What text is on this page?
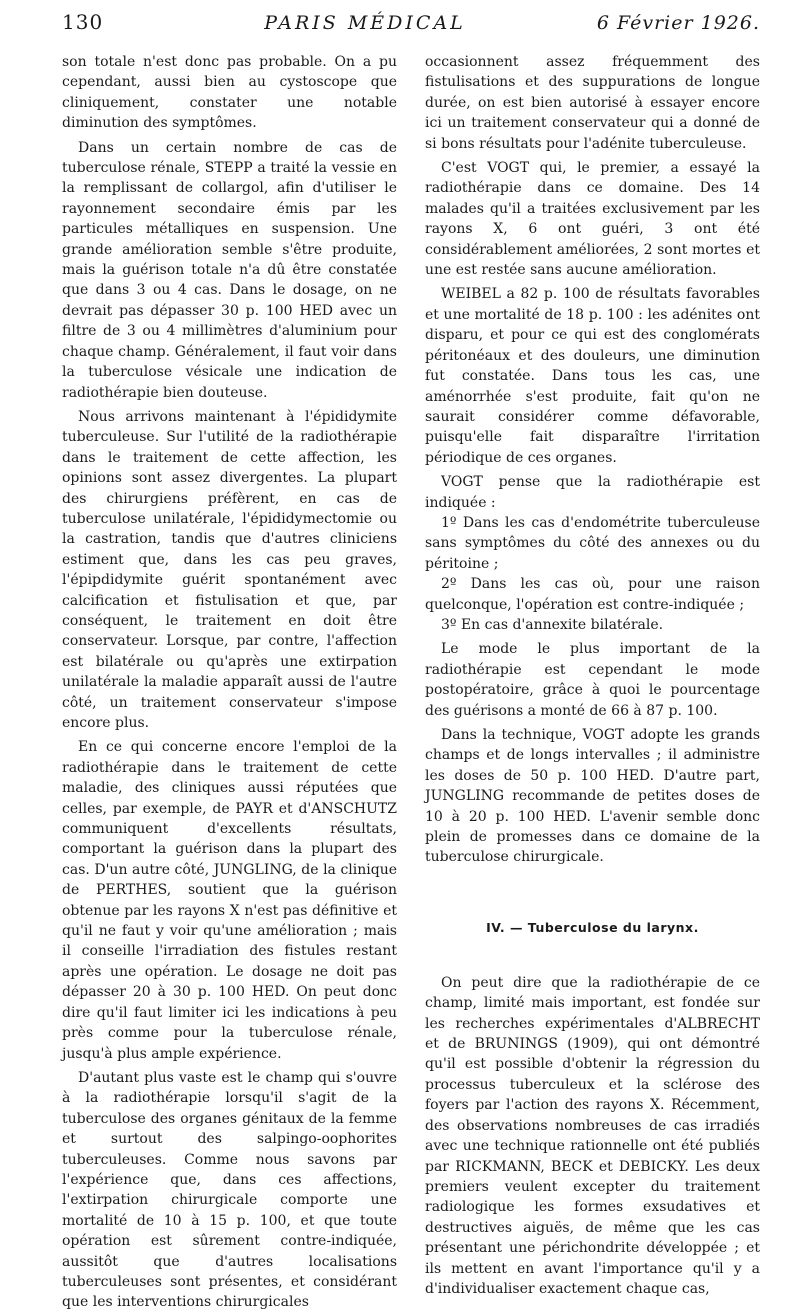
130	PARIS MÉDICAL	6 Février 1926.

son totale n'est donc pas probable. On a pu cependant, aussi bien au cystoscope que cliniquement, constater une notable diminution des symptômes.

Dans un certain nombre de cas de tuberculose rénale, STEPP a traité la vessie en la remplissant de collargol, afin d'utiliser le rayonnement secondaire émis par les particules métalliques en suspension. Une grande amélioration semble s'être produite, mais la guérison totale n'a dû être constatée que dans 3 ou 4 cas. Dans le dosage, on ne devrait pas dépasser 30 p. 100 HED avec un filtre de 3 ou 4 millimètres d'aluminium pour chaque champ. Généralement, il faut voir dans la tuberculose vésicale une indication de radiothérapie bien douteuse.

Nous arrivons maintenant à l'épididymite tuberculeuse. Sur l'utilité de la radiothérapie dans le traitement de cette affection, les opinions sont assez divergentes. La plupart des chirurgiens préfèrent, en cas de tuberculose unilatérale, l'épididymectomie ou la castration, tandis que d'autres cliniciens estiment que, dans les cas peu graves, l'épipdidymite guérit spontanément avec calcification et fistulisation et que, par conséquent, le traitement en doit être conservateur. Lorsque, par contre, l'affection est bilatérale ou qu'après une extirpation unilatérale la maladie apparaît aussi de l'autre côté, un traitement conservateur s'impose encore plus.

En ce qui concerne encore l'emploi de la radiothérapie dans le traitement de cette maladie, des cliniques aussi réputées que celles, par exemple, de PAYR et d'ANSCHUTZ communiquent d'excellents résultats, comportant la guérison dans la plupart des cas. D'un autre côté, JUNGLING, de la clinique de PERTHES, soutient que la guérison obtenue par les rayons X n'est pas définitive et qu'il ne faut y voir qu'une amélioration ; mais il conseille l'irradiation des fistules restant après une opération. Le dosage ne doit pas dépasser 20 à 30 p. 100 HED. On peut donc dire qu'il faut limiter ici les indications à peu près comme pour la tuberculose rénale, jusqu'à plus ample expérience.

D'autant plus vaste est le champ qui s'ouvre à la radiothérapie lorsqu'il s'agit de la tuberculose des organes génitaux de la femme et surtout des salpingo-oophorites tuberculeuses. Comme nous savons par l'expérience que, dans ces affections, l'extirpation chirurgicale comporte une mortalité de 10 à 15 p. 100, et que toute opération est sûrement contre-indiquée, aussitôt que d'autres localisations tuberculeuses sont présentes, et considérant que les interventions chirurgicales

occasionnent assez fréquemment des fistulisations et des suppurations de longue durée, on est bien autorisé à essayer encore ici un traitement conservateur qui a donné de si bons résultats pour l'adénite tuberculeuse.

C'est VOGT qui, le premier, a essayé la radiothérapie dans ce domaine. Des 14 malades qu'il a traitées exclusivement par les rayons X, 6 ont guéri, 3 ont été considérablement améliorées, 2 sont mortes et une est restée sans aucune amélioration.

WEIBEL a 82 p. 100 de résultats favorables et une mortalité de 18 p. 100 : les adénites ont disparu, et pour ce qui est des conglomérats péritonéaux et des douleurs, une diminution fut constatée. Dans tous les cas, une aménorrhée s'est produite, fait qu'on ne saurait considérer comme défavorable, puisqu'elle fait disparaître l'irritation périodique de ces organes.

VOGT pense que la radiothérapie est indiquée :

1º Dans les cas d'endométrite tuberculeuse sans symptômes du côté des annexes ou du péritoine ;

2º Dans les cas où, pour une raison quelconque, l'opération est contre-indiquée ;

3º En cas d'annexite bilatérale.

Le mode le plus important de la radiothérapie est cependant le mode postopératoire, grâce à quoi le pourcentage des guérisons a monté de 66 à 87 p. 100.

Dans la technique, VOGT adopte les grands champs et de longs intervalles ; il administre les doses de 50 p. 100 HED. D'autre part, JUNGLING recommande de petites doses de 10 à 20 p. 100 HED. L'avenir semble donc plein de promesses dans ce domaine de la tuberculose chirurgicale.

IV. — Tuberculose du larynx.

On peut dire que la radiothérapie de ce champ, limité mais important, est fondée sur les recherches expérimentales d'ALBRECHT et de BRUNINGS (1909), qui ont démontré qu'il est possible d'obtenir la régression du processus tuberculeux et la sclérose des foyers par l'action des rayons X. Récemment, des observations nombreuses de cas irradiés avec une technique rationnelle ont été publiés par RICKMANN, BECK et DEBICKY. Les deux premiers veulent excepter du traitement radiologique les formes exsudatives et destructives aiguës, de même que les cas présentant une périchondrite développée ; et ils mettent en avant l'importance qu'il y a d'individualiser exactement chaque cas,
